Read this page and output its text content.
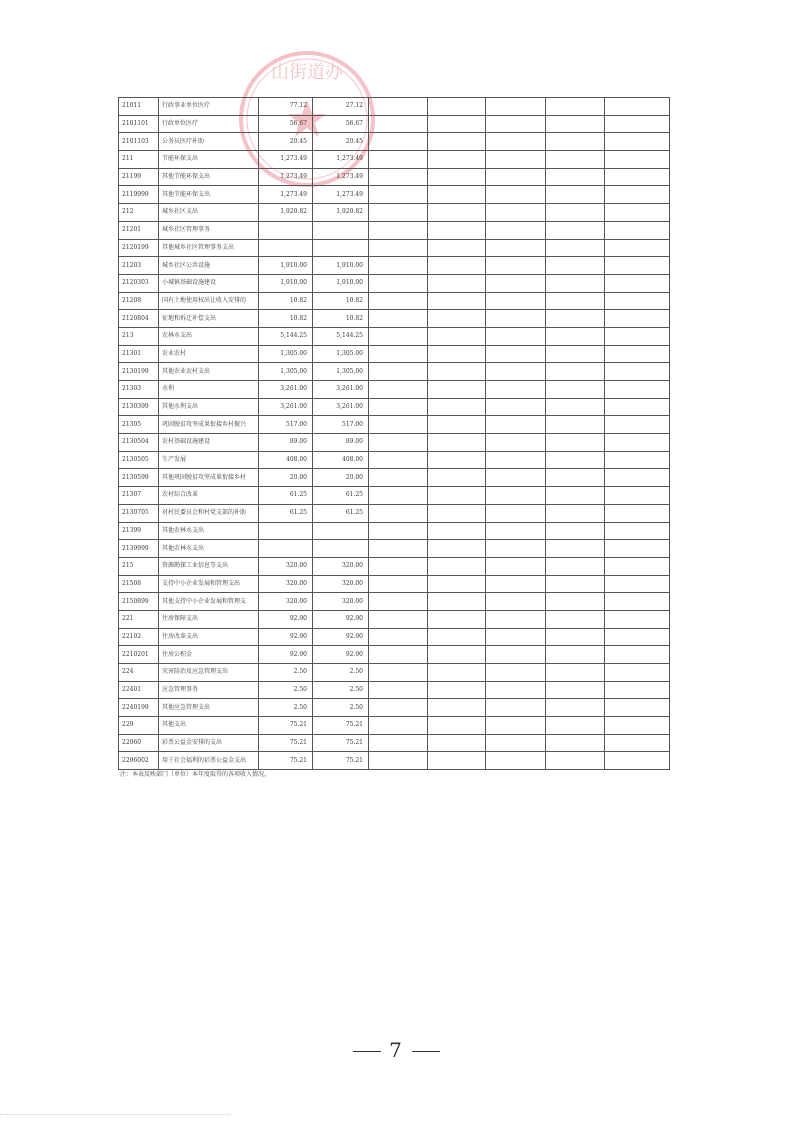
山街道办
21011	行政事业单位医疗	77.12	27.12					
2101101	行政单位医疗	56.67	56.67					
2101103	公务员医疗补助	20.45	20.45					
211	节能环保支出	1,273.49	1,273.49					
21199	其他节能环保支出	1,273.49	1,273.49					
2119999	其他节能环保支出	1,273.49	1,273.49					
212	城乡社区支出	1,920.82	1,920.82					
21201	城乡社区管理事务							
2120199	其他城乡社区管理事务支出							
21203	城乡社区公共设施	1,910.00	1,910.00					
2120303	小城镇基础设施建设	1,910.00	1,910.00					
21208	国有土地使用权出让收入安排的	10.82	10.82					
2120804	征地和拆迁补偿支出	10.82	10.82					
213	农林水支出	5,144.25	5,144.25					
21301	农业农村	1,305.00	1,305.00					
2130199	其他农业农村支出	1,305.00	1,305.00					
21303	水利	3,261.00	3,261.00					
2130399	其他水利支出	3,261.00	3,261.00					
21305	巩固脱贫攻坚成果衔接乡村振兴	517.00	517.00					
2130504	农村基础设施建设	89.00	89.00					
2130505	生产发展	408.00	408.00					
2130599	其他巩固脱贫攻坚成果衔接乡村	20.00	20.00					
21307	农村综合改革	61.25	61.25					
2130705	对村民委员会和村党支部的补助	61.25	61.25					
21399	其他农林水支出							
2139999	其他农林水支出							
215	资源勘探工业信息等支出	320.00	320.00					
21508	支持中小企业发展和管理支出	320.00	320.00					
2150899	其他支持中小企业发展和管理支	320.00	320.00					
221	住房保障支出	92.90	92.90					
22102	住房改革支出	92.90	92.90					
2210201	住房公积金	92.90	92.90					
224	灾害防治及应急管理支出	2.50	2.50					
22401	应急管理事务	2.50	2.50					
2240199	其他应急管理支出	2.50	2.50					
229	其他支出	75.21	75.21					
22960	彩票公益金安排的支出	75.21	75.21					
2296002	用于社会福利的彩票公益金支出	75.21	75.21					
注：本表反映部门（单位）本年度取得的各项收入情况。
7
